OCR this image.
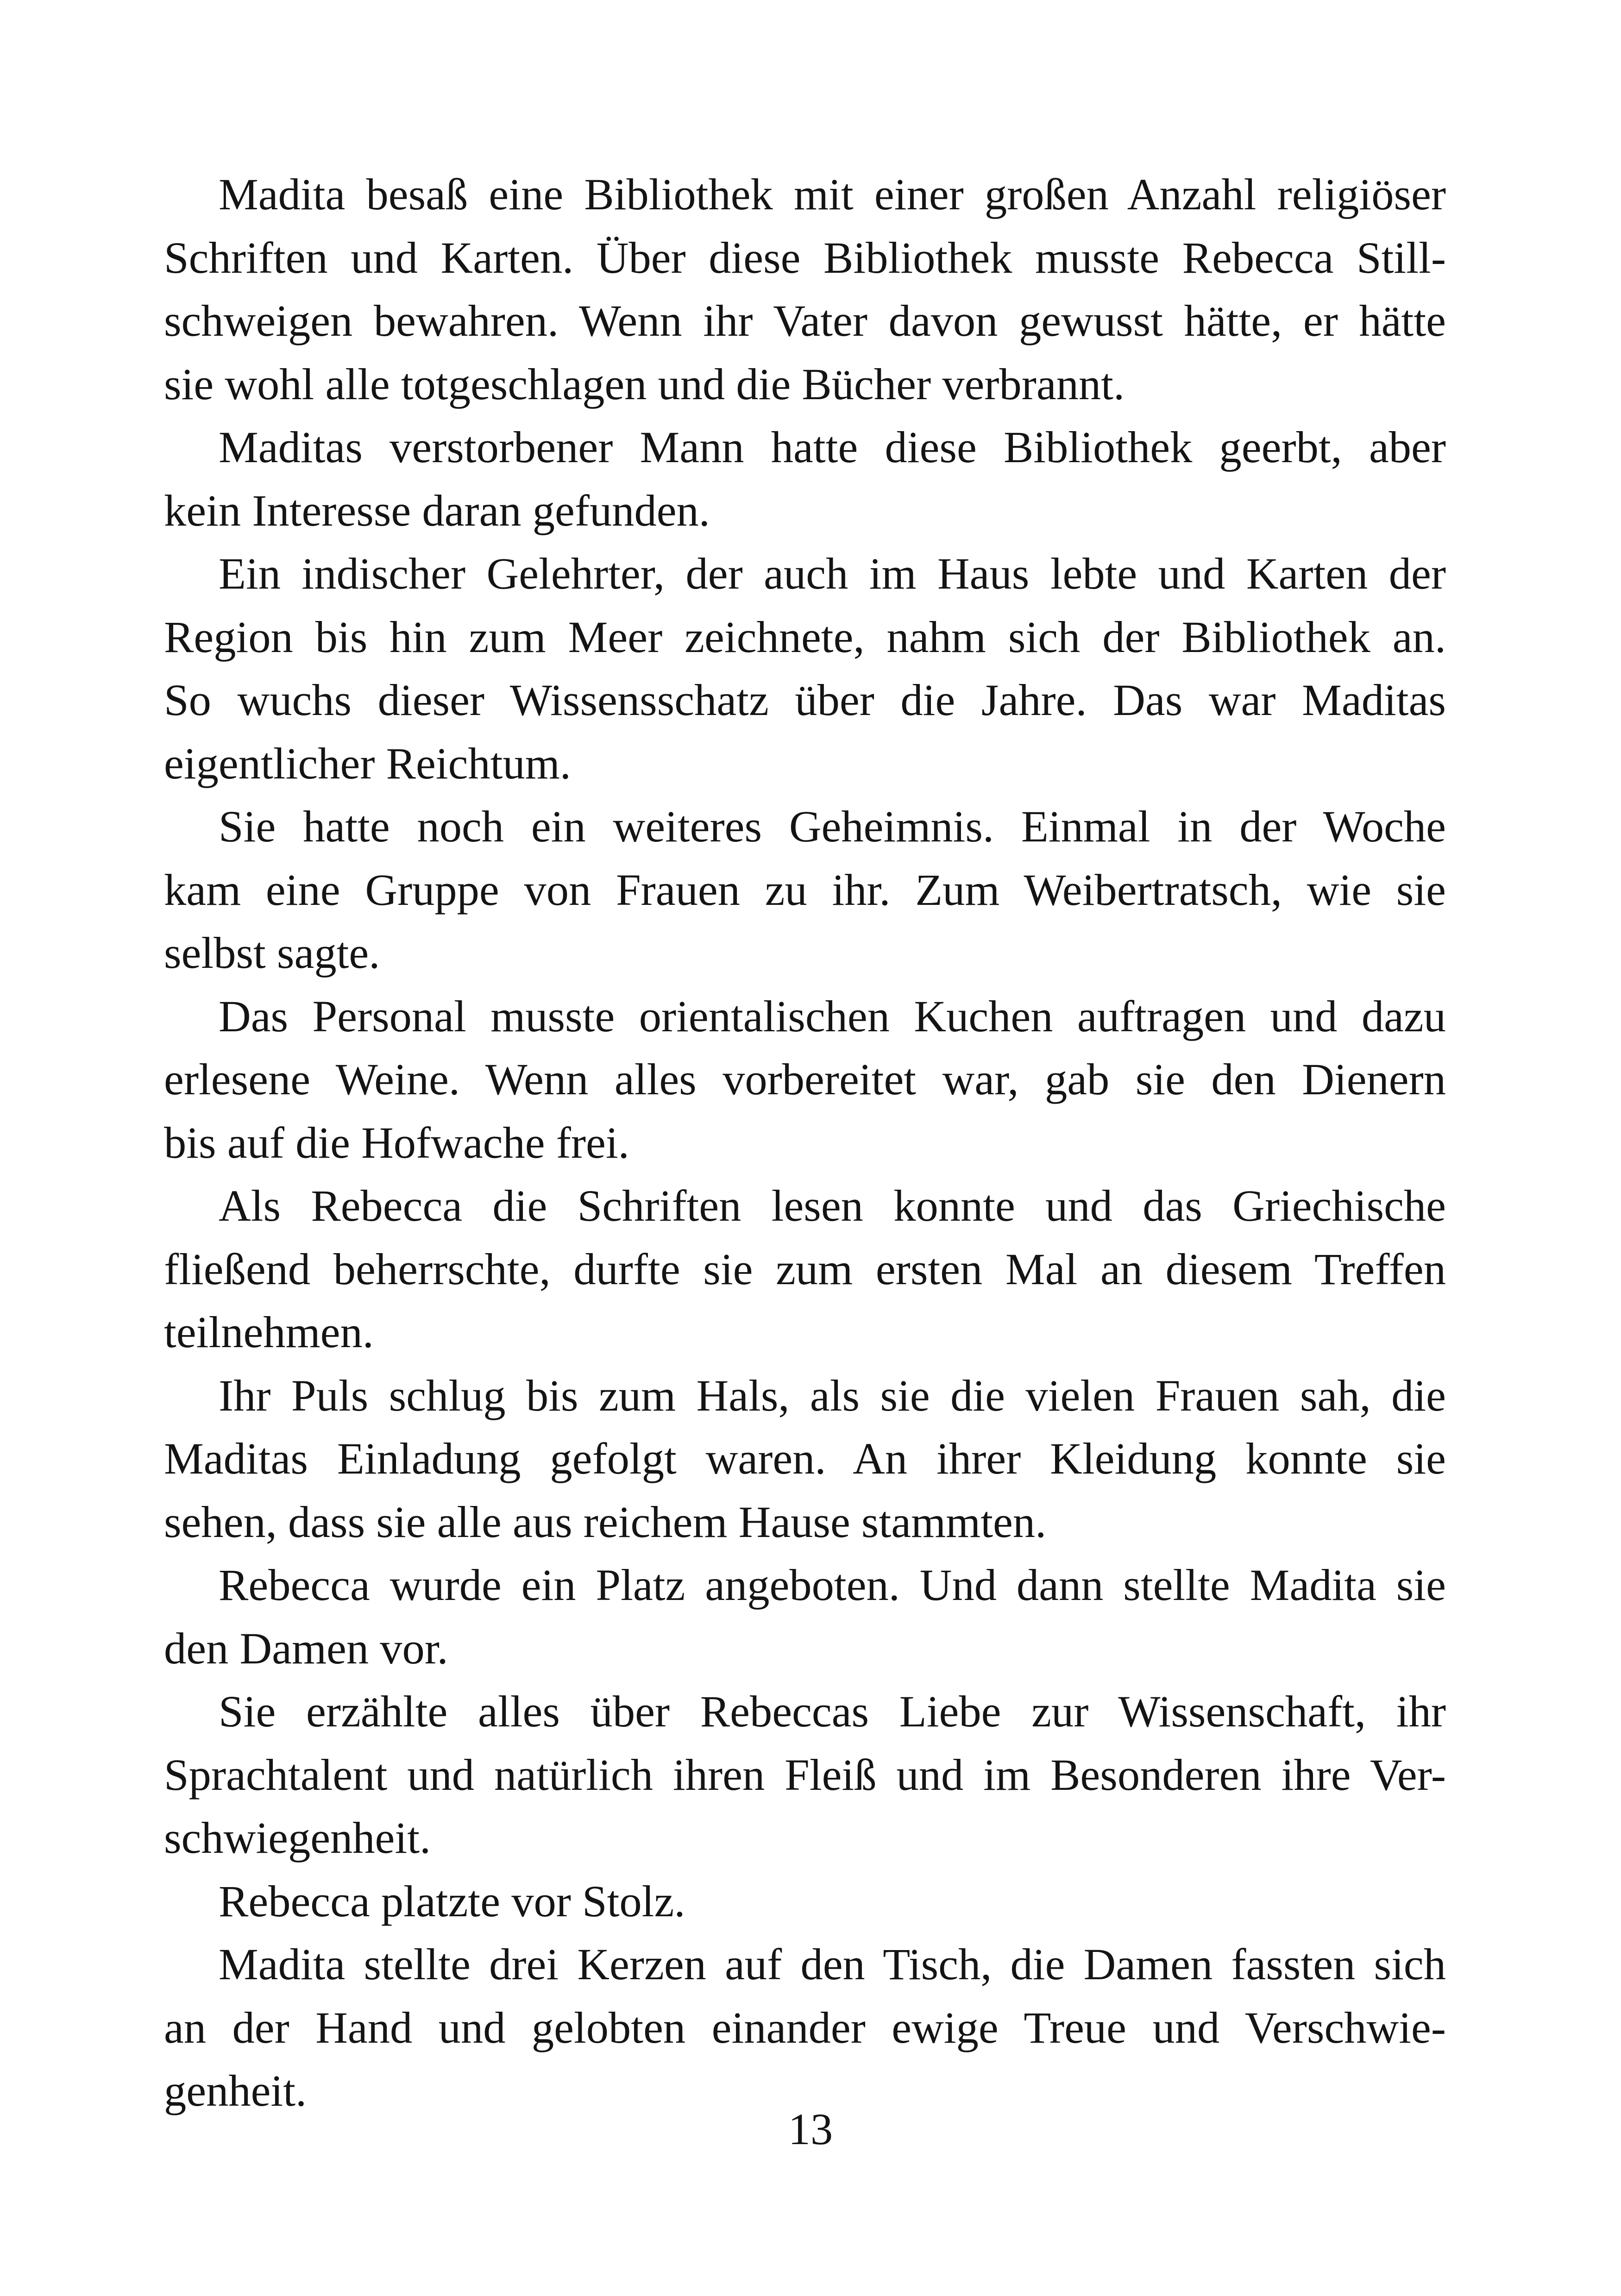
Madita besaß eine Bibliothek mit einer großen Anzahl religiöser
Schriften und Karten. Über diese Bibliothek musste Rebecca Still-
schweigen bewahren. Wenn ihr Vater davon gewusst hätte, er hätte
sie wohl alle totgeschlagen und die Bücher verbrannt.
Maditas verstorbener Mann hatte diese Bibliothek geerbt, aber
kein Interesse daran gefunden.
Ein indischer Gelehrter, der auch im Haus lebte und Karten der
Region bis hin zum Meer zeichnete, nahm sich der Bibliothek an.
So wuchs dieser Wissensschatz über die Jahre. Das war Maditas
eigentlicher Reichtum.
Sie hatte noch ein weiteres Geheimnis. Einmal in der Woche
kam eine Gruppe von Frauen zu ihr. Zum Weibertratsch, wie sie
selbst sagte.
Das Personal musste orientalischen Kuchen auftragen und dazu
erlesene Weine. Wenn alles vorbereitet war, gab sie den Dienern
bis auf die Hofwache frei.
Als Rebecca die Schriften lesen konnte und das Griechische
fließend beherrschte, durfte sie zum ersten Mal an diesem Treffen
teilnehmen.
Ihr Puls schlug bis zum Hals, als sie die vielen Frauen sah, die
Maditas Einladung gefolgt waren. An ihrer Kleidung konnte sie
sehen, dass sie alle aus reichem Hause stammten.
Rebecca wurde ein Platz angeboten. Und dann stellte Madita sie
den Damen vor.
Sie erzählte alles über Rebeccas Liebe zur Wissenschaft, ihr
Sprachtalent und natürlich ihren Fleiß und im Besonderen ihre Ver-
schwiegenheit.
Rebecca platzte vor Stolz.
Madita stellte drei Kerzen auf den Tisch, die Damen fassten sich
an der Hand und gelobten einander ewige Treue und Verschwie-
genheit.
13
